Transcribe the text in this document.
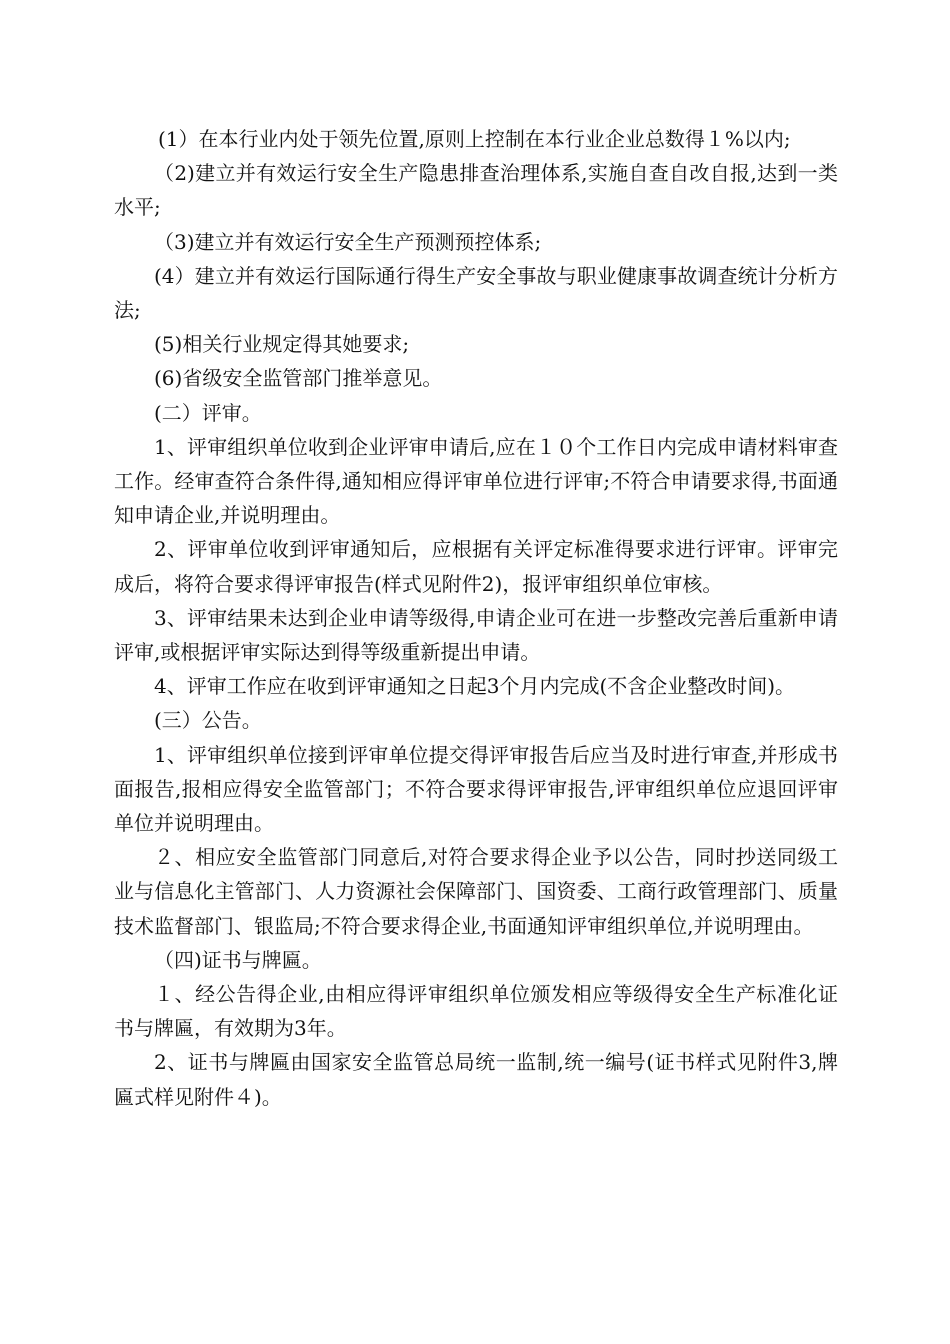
(1）在本行业内处于领先位置,原则上控制在本行业企业总数得１%以内;

（2)建立并有效运行安全生产隐患排查治理体系,实施自查自改自报,达到一类水平;

（3)建立并有效运行安全生产预测预控体系;

(4）建立并有效运行国际通行得生产安全事故与职业健康事故调查统计分析方法;

(5)相关行业规定得其她要求;

(6)省级安全监管部门推举意见。

(二）评审。

1、评审组织单位收到企业评审申请后,应在１０个工作日内完成申请材料审查工作。经审查符合条件得,通知相应得评审单位进行评审;不符合申请要求得,书面通知申请企业,并说明理由。

2、评审单位收到评审通知后，应根据有关评定标准得要求进行评审。评审完成后，将符合要求得评审报告(样式见附件2)，报评审组织单位审核。

3、评审结果未达到企业申请等级得,申请企业可在进一步整改完善后重新申请评审,或根据评审实际达到得等级重新提出申请。

4、评审工作应在收到评审通知之日起3个月内完成(不含企业整改时间)。

(三）公告。

1、评审组织单位接到评审单位提交得评审报告后应当及时进行审查,并形成书面报告,报相应得安全监管部门；不符合要求得评审报告,评审组织单位应退回评审单位并说明理由。

２、相应安全监管部门同意后,对符合要求得企业予以公告，同时抄送同级工业与信息化主管部门、人力资源社会保障部门、国资委、工商行政管理部门、质量技术监督部门、银监局;不符合要求得企业,书面通知评审组织单位,并说明理由。

（四)证书与牌匾。

１、经公告得企业,由相应得评审组织单位颁发相应等级得安全生产标准化证书与牌匾，有效期为3年。

2、证书与牌匾由国家安全监管总局统一监制,统一编号(证书样式见附件3,牌匾式样见附件４)。
